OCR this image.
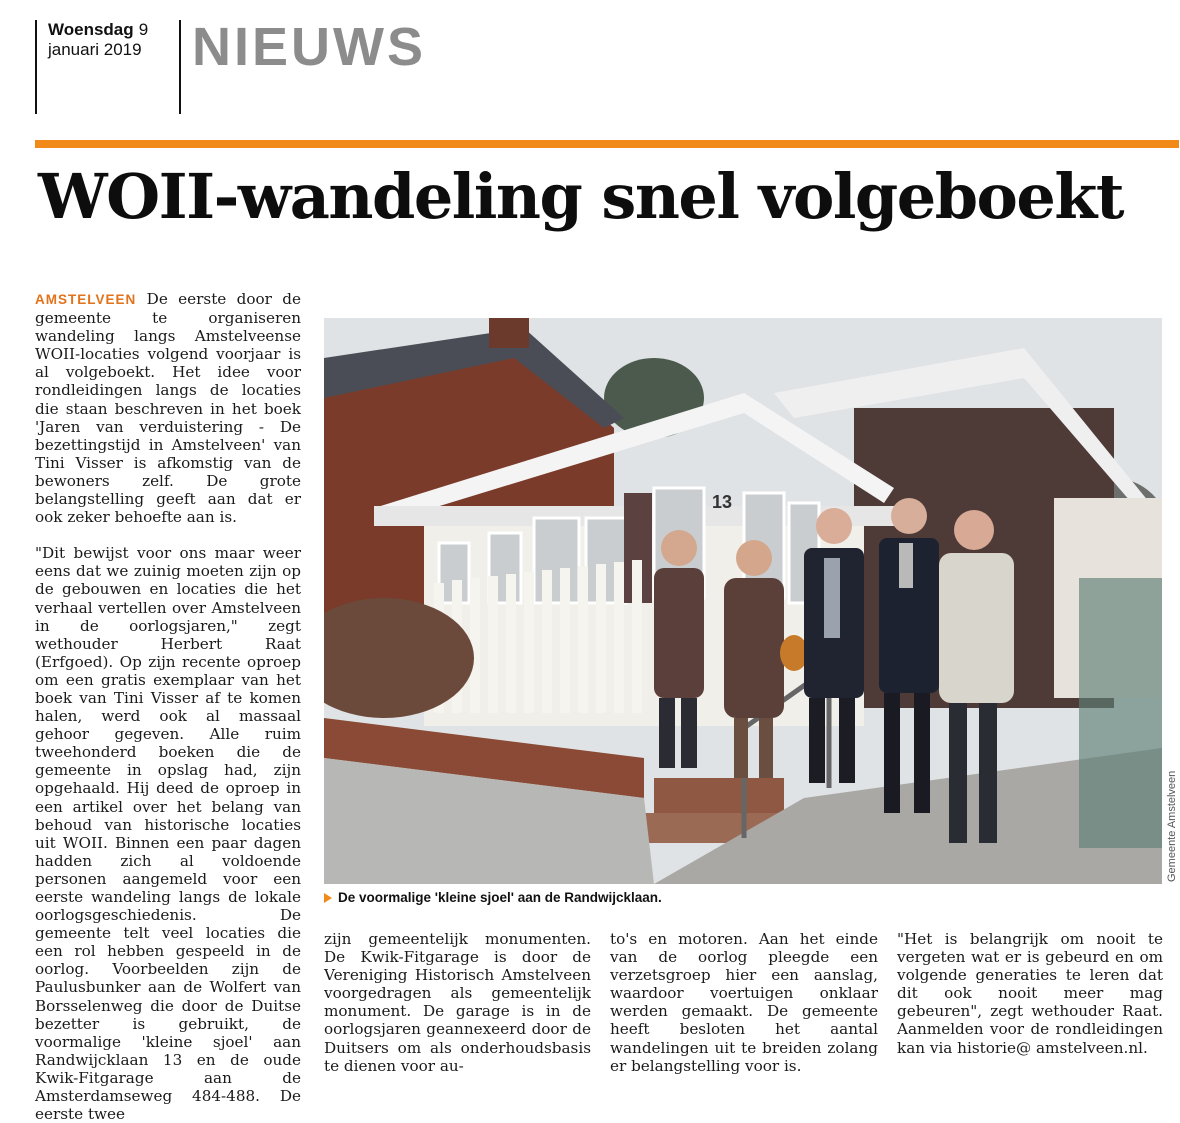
Woensdag 9
januari 2019 NIEUWS
WOII-wandeling snel volgeboekt

AMSTELVEEN De eerste door de gemeente te organiseren wandeling langs Amstelveense WOII-locaties volgend voorjaar is al volgeboekt. Het idee voor rondleidingen langs de locaties die staan beschreven in het boek 'Jaren van verduistering - De bezettingstijd in Amstelveen' van Tini Visser is afkomstig van de bewoners zelf. De grote belangstelling geeft aan dat er ook zeker behoefte aan is.

"Dit bewijst voor ons maar weer eens dat we zuinig moeten zijn op de gebouwen en locaties die het verhaal vertellen over Amstelveen in de oorlogsjaren," zegt wethouder Herbert Raat (Erfgoed). Op zijn recente oproep om een gratis exemplaar van het boek van Tini Visser af te komen halen, werd ook al massaal gehoor gegeven. Alle ruim tweehonderd boeken die de gemeente in opslag had, zijn opgehaald. Hij deed de oproep in een artikel over het belang van behoud van historische locaties uit WOII. Binnen een paar dagen hadden zich al voldoende personen aangemeld voor een eerste wandeling langs de lokale oorlogsgeschiedenis. De gemeente telt veel locaties die een rol hebben gespeeld in de oorlog. Voorbeelden zijn de Paulusbunker aan de Wolfert van Borsselenweg die door de Duitse bezetter is gebruikt, de voormalige 'kleine sjoel' aan Randwijcklaan 13 en de oude Kwik-Fitgarage aan de Amsterdamseweg 484-488. De eerste twee

13
Gemeente Amstelveen
De voormalige 'kleine sjoel' aan de Randwijcklaan.
zijn gemeentelijk monumenten. De Kwik-Fitgarage is door de Vereniging Historisch Amstelveen voorgedragen als gemeentelijk monument. De garage is in de oorlogsjaren geannexeerd door de Duitsers om als onderhoudsbasis te dienen voor au-
to's en motoren. Aan het einde van de oorlog pleegde een verzetsgroep hier een aanslag, waardoor voertuigen onklaar werden gemaakt. De gemeente heeft besloten het aantal wandelingen uit te breiden zolang er belangstelling voor is.
"Het is belangrijk om nooit te vergeten wat er is gebeurd en om volgende generaties te leren dat dit ook nooit meer mag gebeuren", zegt wethouder Raat. Aanmelden voor de rondleidingen kan via historie@ amstelveen.nl.
